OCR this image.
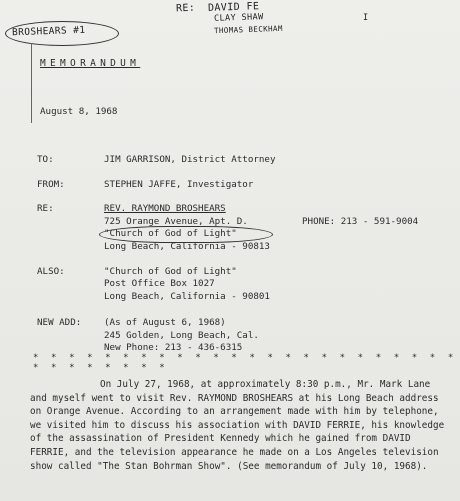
RE: DAVID FE
CLAY SHAW
THOMAS BECKHAM
I
BROSHEARS #1
MEMORANDUM
August 8, 1968
TO:	JIM GARRISON, District Attorney
FROM:	STEPHEN JAFFE, Investigator
RE:	REV. RAYMOND BROSHEARS
725 Orange Avenue, Apt. D.	PHONE: 213 - 591-9004
"Church of God of Light"
Long Beach, California - 90813
ALSO:	"Church of God of Light"
Post Office Box 1027
Long Beach, California - 90801
NEW ADD: (As of August 6, 1968)
245 Golden, Long Beach, Cal.
New Phone: 213 - 436-6315
* * * * * * * * * * * * * * * * * * * * * * * * * * * * * * * *
On July 27, 1968, at approximately 8:30 p.m., Mr. Mark Lane and myself went to visit Rev. RAYMOND BROSHEARS at his Long Beach address on Orange Avenue. According to an arrangement made with him by telephone, we visited him to discuss his association with DAVID FERRIE, his knowledge of the assassination of President Kennedy which he gained from DAVID FERRIE, and the television appearance he made on a Los Angeles television show called "The Stan Bohrman Show". (See memorandum of July 10, 1968).
